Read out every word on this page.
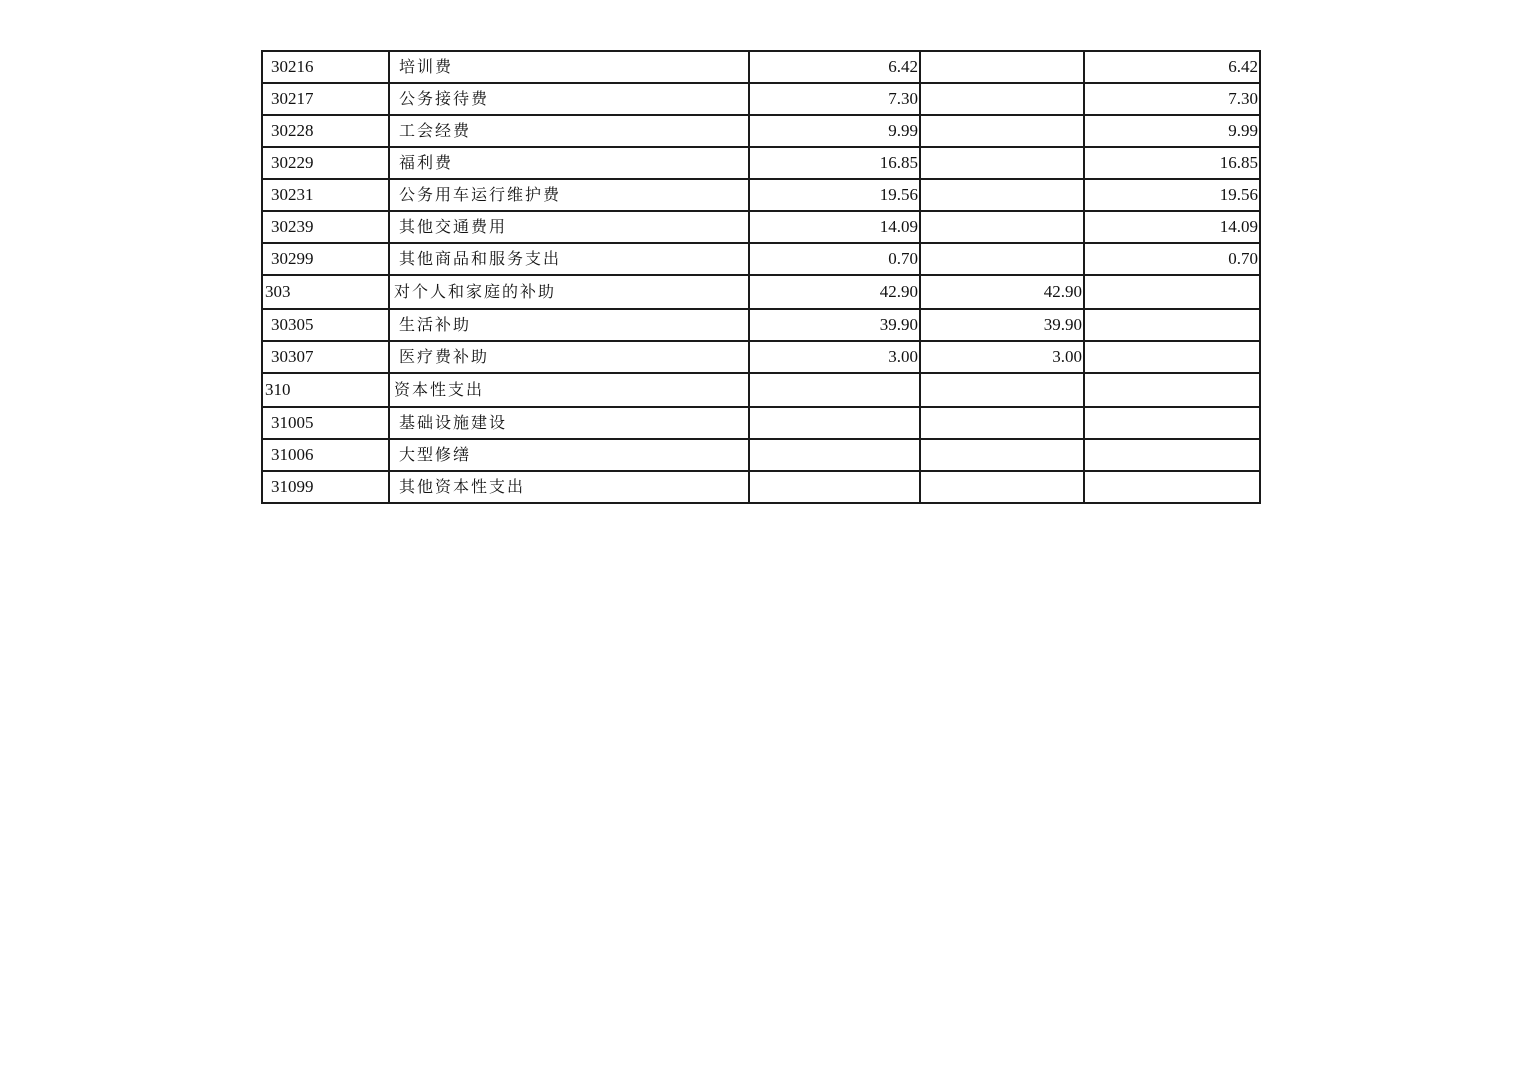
30216	培训费	6.42		6.42
30217	公务接待费	7.30		7.30
30228	工会经费	9.99		9.99
30229	福利费	16.85		16.85
30231	公务用车运行维护费	19.56		19.56
30239	其他交通费用	14.09		14.09
30299	其他商品和服务支出	0.70		0.70
303	对个人和家庭的补助	42.90	42.90	
30305	生活补助	39.90	39.90	
30307	医疗费补助	3.00	3.00	
310	资本性支出			
31005	基础设施建设			
31006	大型修缮			
31099	其他资本性支出			
